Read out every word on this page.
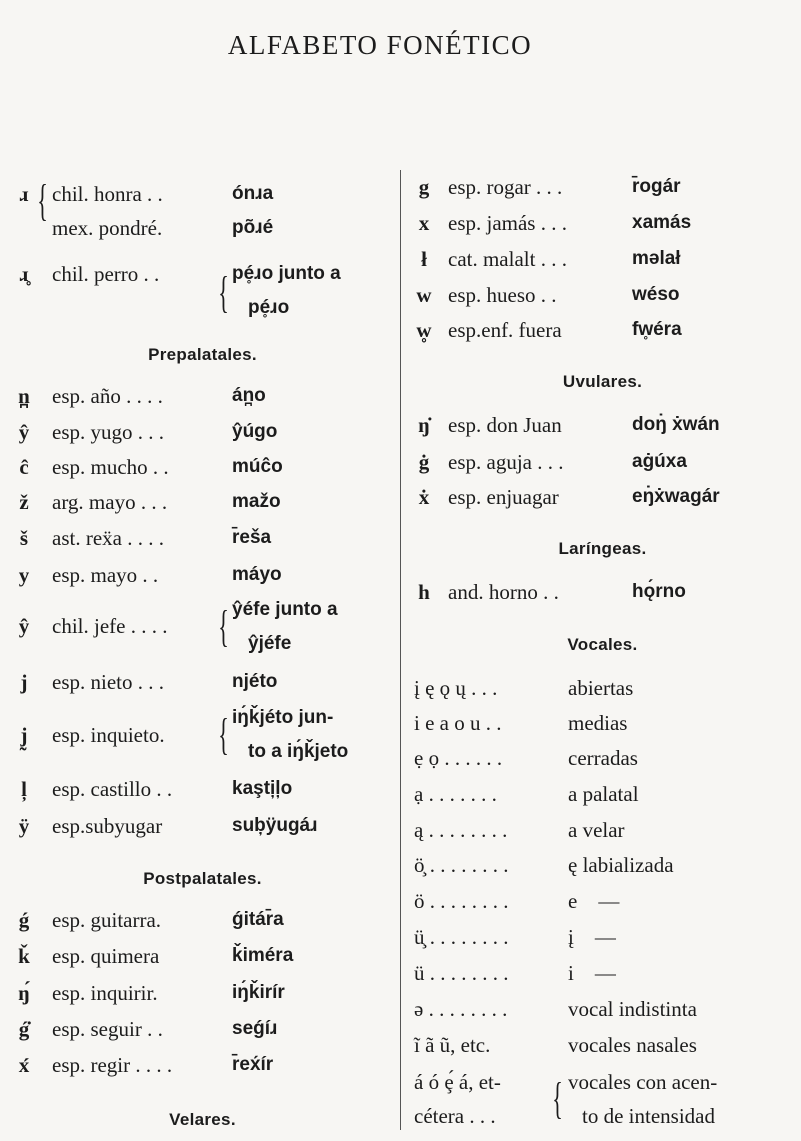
ALFABETO FONÉTICO
ɹ { chil. honra . .	ónɹa
mex. pondré.	põɹé
ɹ̥	chil. perro . . { pé̥ɹo junto a
pé̥ɹo
Prepalatales.
n̪	esp. año . . . .	án̪o
ŷ	esp. yugo . . .	ŷúgo
ĉ	esp. mucho . .	múĉo
ž	arg. mayo . . .	mažo
š	ast. reẍa . . . .	r̄eša
y	esp. mayo . .	máyo
ŷ	chil. jefe . . . . { ŷéfe junto a
ŷjéfe
j	esp. nieto . . .	njéto
j̰	esp. inquieto. { iŋ́ǩjéto jun-
to a iŋ́ǩjeto
l̦	esp. castillo . .	kaşti̦l̦o
ÿ	esp.subyugar	sub̦ÿugáɹ
Postpalatales.
ǵ	esp. guitarra.	ǵitár̄a
ǩ	esp. quimera	ǩiméra
ŋ́	esp. inquirir.	iŋ́ǩirír
ǵ̇	esp. seguir . .	seǵíɹ
x́	esp. regir . . . .	r̄ex́ír
Velares.
g esp. rogar . . .	r̄ogár
x esp. jamás . . .	xamás
ł	cat. malalt . . .	məlał
w esp. hueso . .	wéso
w̥ esp.enf. fuera	fw̥éra
Uvulares.
ŋ̇ esp. don Juan	doŋ̇ ẋwán
ġ esp. aguja . . .	aġúxa
ẋ esp. enjuagar	eŋ̇ẋwagár
Laríngeas.
h and. horno . .	hǫ́rno
Vocales.
į ę ǫ ų . . .	abiertas
i e a o u . .	medias
ẹ ọ . . . . . .	cerradas
ạ . . . . . . .	a palatal
ą . . . . . . . .	a velar
ö̧ . . . . . . . .	ę labializada
ö . . . . . . . .	e    —
ü̧ . . . . . . . .	į    —
ü . . . . . . . .	i    —
ə . . . . . . . .	vocal indistinta
ĩ ã ũ, etc.	vocales nasales
á ó ȩ́ á, et- { vocales con acen-
cétera . . .	to de intensidad
